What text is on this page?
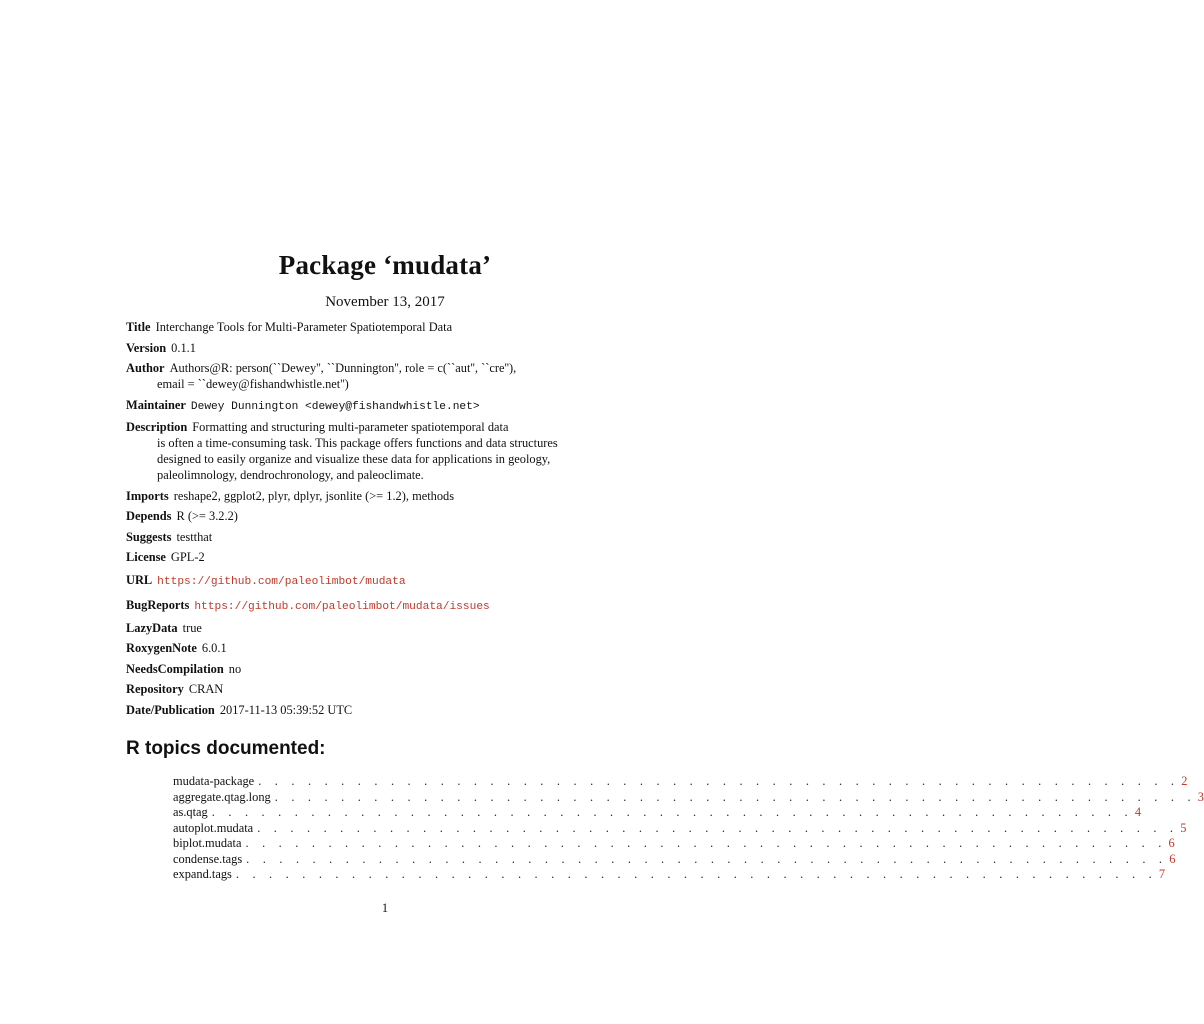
Package ‘mudata’
November 13, 2017
Title Interchange Tools for Multi-Parameter Spatiotemporal Data
Version 0.1.1
Author Authors@R: person(``Dewey'', ``Dunnington'', role = c(``aut'', ``cre''),
email = ``dewey@fishandwhistle.net'')
Maintainer Dewey Dunnington <dewey@fishandwhistle.net>
Description Formatting and structuring multi-parameter spatiotemporal data
is often a time-consuming task. This package offers functions and data structures
designed to easily organize and visualize these data for applications in geology,
paleolimnology, dendrochronology, and paleoclimate.
Imports reshape2, ggplot2, plyr, dplyr, jsonlite (>= 1.2), methods
Depends R (>= 3.2.2)
Suggests testthat
License GPL-2
URL https://github.com/paleolimbot/mudata
BugReports https://github.com/paleolimbot/mudata/issues
LazyData true
RoxygenNote 6.0.1
NeedsCompilation no
Repository CRAN
Date/Publication 2017-11-13 05:39:52 UTC
R topics documented:
mudata-package . . . . . . . . . . . . . . . . . . . . . . . . . . . . . . . . . . . . . . . . . . . . . . . . . . . . . . . . 2
aggregate.qtag.long . . . . . . . . . . . . . . . . . . . . . . . . . . . . . . . . . . . . . . . . . . . . . . . . . . . . . . . . 3
as.qtag . . . . . . . . . . . . . . . . . . . . . . . . . . . . . . . . . . . . . . . . . . . . . . . . . . . . . . . . 4
autoplot.mudata . . . . . . . . . . . . . . . . . . . . . . . . . . . . . . . . . . . . . . . . . . . . . . . . . . . . . . . . 5
biplot.mudata . . . . . . . . . . . . . . . . . . . . . . . . . . . . . . . . . . . . . . . . . . . . . . . . . . . . . . . . 6
condense.tags . . . . . . . . . . . . . . . . . . . . . . . . . . . . . . . . . . . . . . . . . . . . . . . . . . . . . . . . 6
expand.tags . . . . . . . . . . . . . . . . . . . . . . . . . . . . . . . . . . . . . . . . . . . . . . . . . . . . . . . . 7
1
